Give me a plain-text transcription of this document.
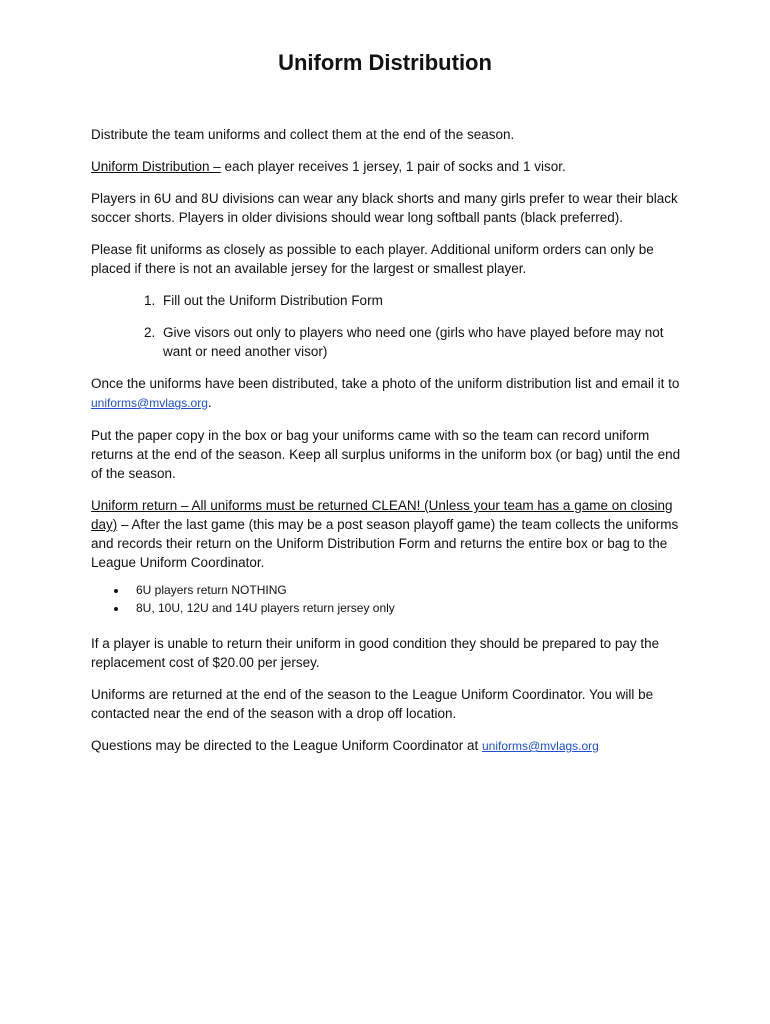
Uniform Distribution

Distribute the team uniforms and collect them at the end of the season.

Uniform Distribution – each player receives 1 jersey, 1 pair of socks and 1 visor.

Players in 6U and 8U divisions can wear any black shorts and many girls prefer to wear their black soccer shorts. Players in older divisions should wear long softball pants (black preferred).

Please fit uniforms as closely as possible to each player. Additional uniform orders can only be placed if there is not an available jersey for the largest or smallest player.

1. Fill out the Uniform Distribution Form
2. Give visors out only to players who need one (girls who have played before may not want or need another visor)

Once the uniforms have been distributed, take a photo of the uniform distribution list and email it to uniforms@mvlags.org.

Put the paper copy in the box or bag your uniforms came with so the team can record uniform returns at the end of the season. Keep all surplus uniforms in the uniform box (or bag) until the end of the season.

Uniform return – All uniforms must be returned CLEAN! (Unless your team has a game on closing day) – After the last game (this may be a post season playoff game) the team collects the uniforms and records their return on the Uniform Distribution Form and returns the entire box or bag to the League Uniform Coordinator.

• 6U players return NOTHING
• 8U, 10U, 12U and 14U players return jersey only

If a player is unable to return their uniform in good condition they should be prepared to pay the replacement cost of $20.00 per jersey.

Uniforms are returned at the end of the season to the League Uniform Coordinator. You will be contacted near the end of the season with a drop off location.

Questions may be directed to the League Uniform Coordinator at uniforms@mvlags.org
